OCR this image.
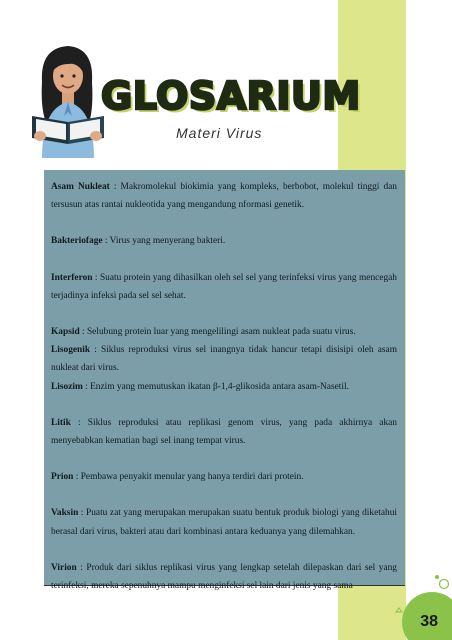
GLOSARIUM

Materi Virus

Asam Nukleat : Makromolekul biokimia yang kompleks, berbobot, molekul tinggi dan tersusun atas rantai nukleotida yang mengandung nformasi genetik.

Bakteriofage : Virus yang menyerang bakteri.

Interferon : Suatu protein yang dihasilkan oleh sel sel yang terinfeksi virus yang mencegah terjadinya infeksi pada sel sel sehat.

Kapsid : Selubung protein luar yang mengelilingi asam nukleat pada suatu virus.

Lisogenik : Siklus reproduksi virus sel inangnya tidak hancur tetapi disisipi oleh asam nukleat dari virus.

Lisozim : Enzim yang memutuskan ikatan β-1,4-glikosida antara asam-Nasetil.

Litik : Siklus reproduksi atau replikasi genom virus, yang pada akhirnya akan menyebabkan kematian bagi sel inang tempat virus.

Prion : Pembawa penyakit menular yang hanya terdiri dari protein.

Vaksin : Puatu zat yang merupakan merupakan suatu bentuk produk biologi yang diketahui berasal dari virus, bakteri atau dari kombinasi antara keduanya yang dilemahkan.

Virion : Produk dari siklus replikasi virus yang lengkap setelah dilepaskan dari sel yang terinfeksi, mereka sepenuhnya mampu menginfeksi sel lain dari jenis yang sama

38
